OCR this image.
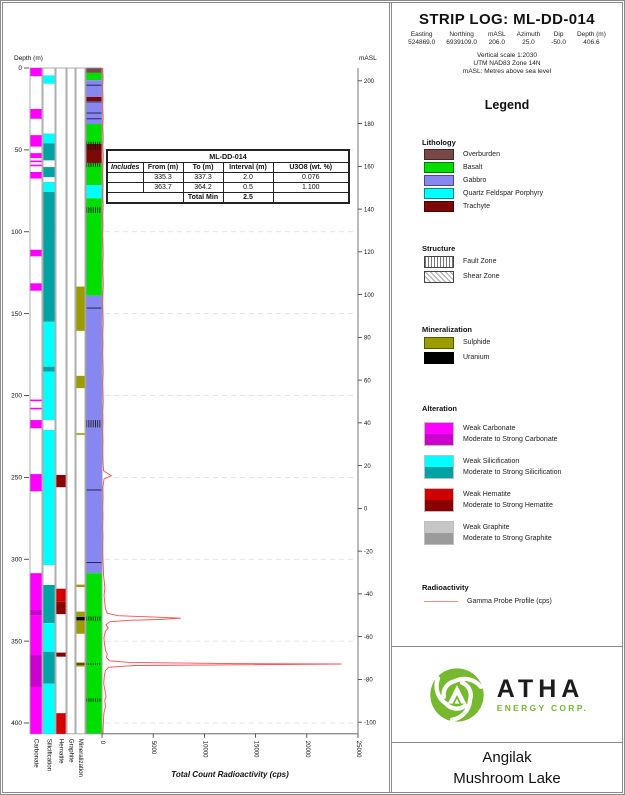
Depth (m)
0
50
100
150
200
250
300
350
400
mASL
200
180
160
140
120
100
80
60
40
20
0
-20
-40
-60
-80
-100
0	5000	10000	15000	20000	25000
Total Count Radioactivity (cps)
Carbonate Silicification Hematite Graphite Mineralization
ML-DD-014				
Includes	From (m)	To (m)	Interval (m)	U3O8 (wt. %)
	335.3	337.3	2.0	0.076
	363.7	364.2	0.5	1.100
		Total Min	2.5	
STRIP LOG: ML-DD-014
Easting
524869.0
Northing
6939109.0
mASL
206.0
Azimuth
25.0
Dip
-50.0
Depth (m)
406.6
Vertical scale 1:2030
UTM NAD83 Zone 14N
mASL: Metres above sea level
Legend
Lithology
Overburden
Basalt
Gabbro
Quartz Feldspar Porphyry
Trachyte
Structure
Fault Zone
Shear Zone
Mineralization
Sulphide
Uranium
Alteration
Weak Carbonate
Moderate to Strong Carbonate
Weak Silicification
Moderate to Strong Silicification
Weak Hematite
Moderate to Strong Hematite
Weak Graphite
Moderate to Strong Graphite
Radioactivity
Gamma Probe Profile (cps)
ATHA
ENERGY CORP.
Angilak
Mushroom Lake
